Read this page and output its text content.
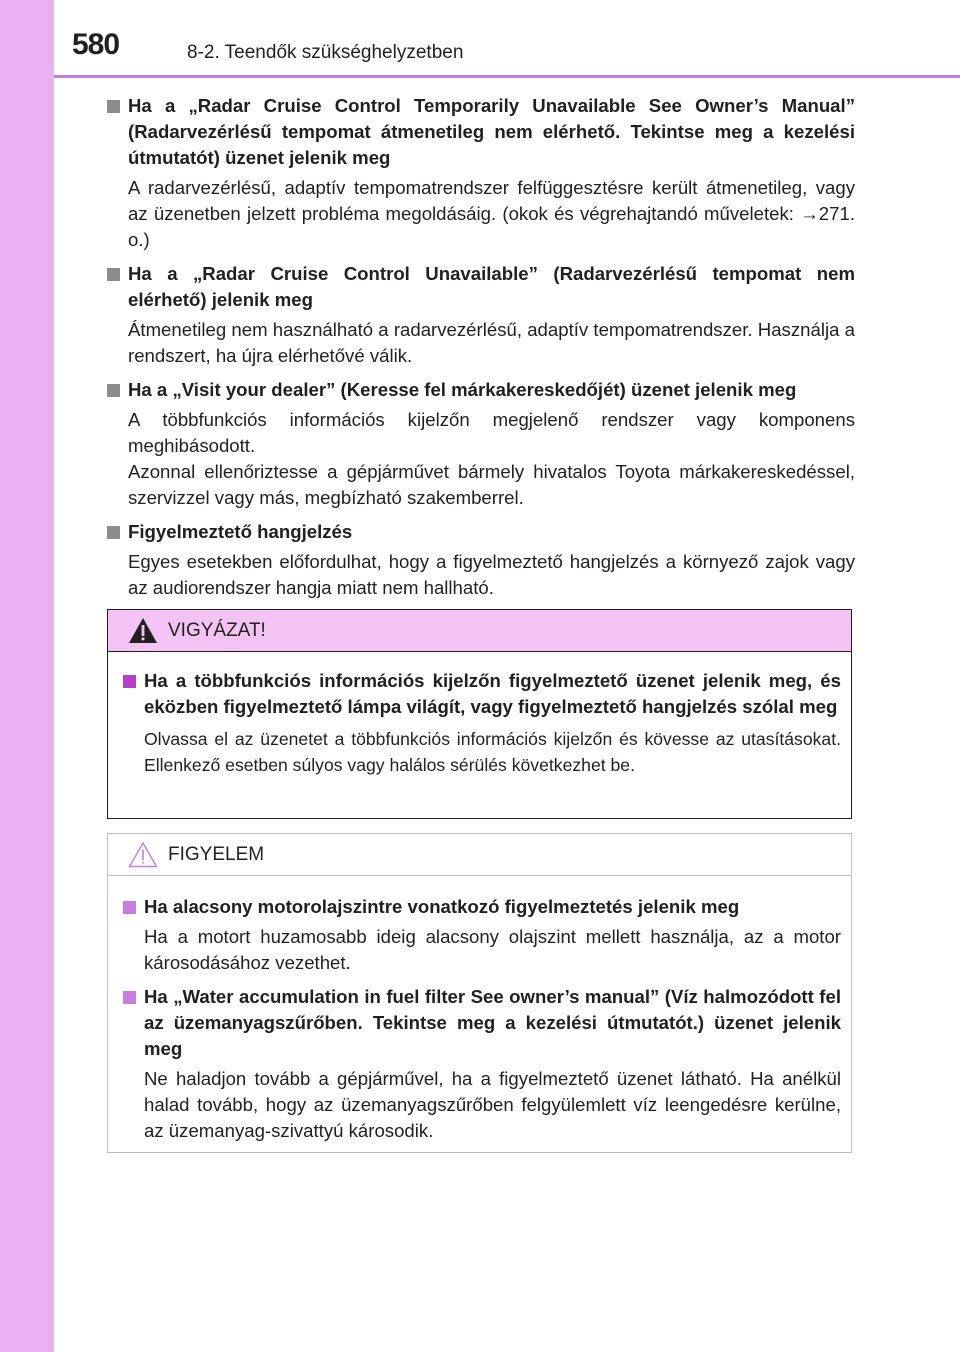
580	8-2. Teendők szükséghelyzetben
Ha a „Radar Cruise Control Temporarily Unavailable See Owner’s Manual” (Radarvezérlésű tempomat átmenetileg nem elérhető. Tekintse meg a kezelési útmutatót) üzenet jelenik meg

A radarvezérlésű, adaptív tempomatrendszer felfüggesztésre került átmenetileg, vagy az üzenetben jelzett probléma megoldásáig. (okok és végrehajtandó műveletek: →271. o.)

Ha a „Radar Cruise Control Unavailable” (Radarvezérlésű tempomat nem elérhető) jelenik meg

Átmenetileg nem használható a radarvezérlésű, adaptív tempomatrendszer. Használja a rendszert, ha újra elérhetővé válik.

Ha a „Visit your dealer” (Keresse fel márkakereskedőjét) üzenet jelenik meg

A többfunkciós információs kijelzőn megjelenő rendszer vagy komponens meghibásodott.

Azonnal ellenőriztesse a gépjárművet bármely hivatalos Toyota márkakereskedéssel, szervizzel vagy más, megbízható szakemberrel.

Figyelmeztető hangjelzés

Egyes esetekben előfordulhat, hogy a figyelmeztető hangjelzés a környező zajok vagy az audiorendszer hangja miatt nem hallható.

VIGYÁZAT!
Ha a többfunkciós információs kijelzőn figyelmeztető üzenet jelenik meg, és eközben figyelmeztető lámpa világít, vagy figyelmeztető hangjelzés szólal meg

Olvassa el az üzenetet a többfunkciós információs kijelzőn és kövesse az utasításokat. Ellenkező esetben súlyos vagy halálos sérülés következhet be.

FIGYELEM
Ha alacsony motorolajszintre vonatkozó figyelmeztetés jelenik meg

Ha a motort huzamosabb ideig alacsony olajszint mellett használja, az a motor károsodásához vezethet.

Ha „Water accumulation in fuel filter See owner’s manual” (Víz halmozódott fel az üzemanyagszűrőben. Tekintse meg a kezelési útmutatót.) üzenet jelenik meg

Ne haladjon tovább a gépjárművel, ha a figyelmeztető üzenet látható. Ha anélkül halad tovább, hogy az üzemanyagszűrőben felgyülemlett víz leengedésre kerülne, az üzemanyag-szivattyú károsodik.
